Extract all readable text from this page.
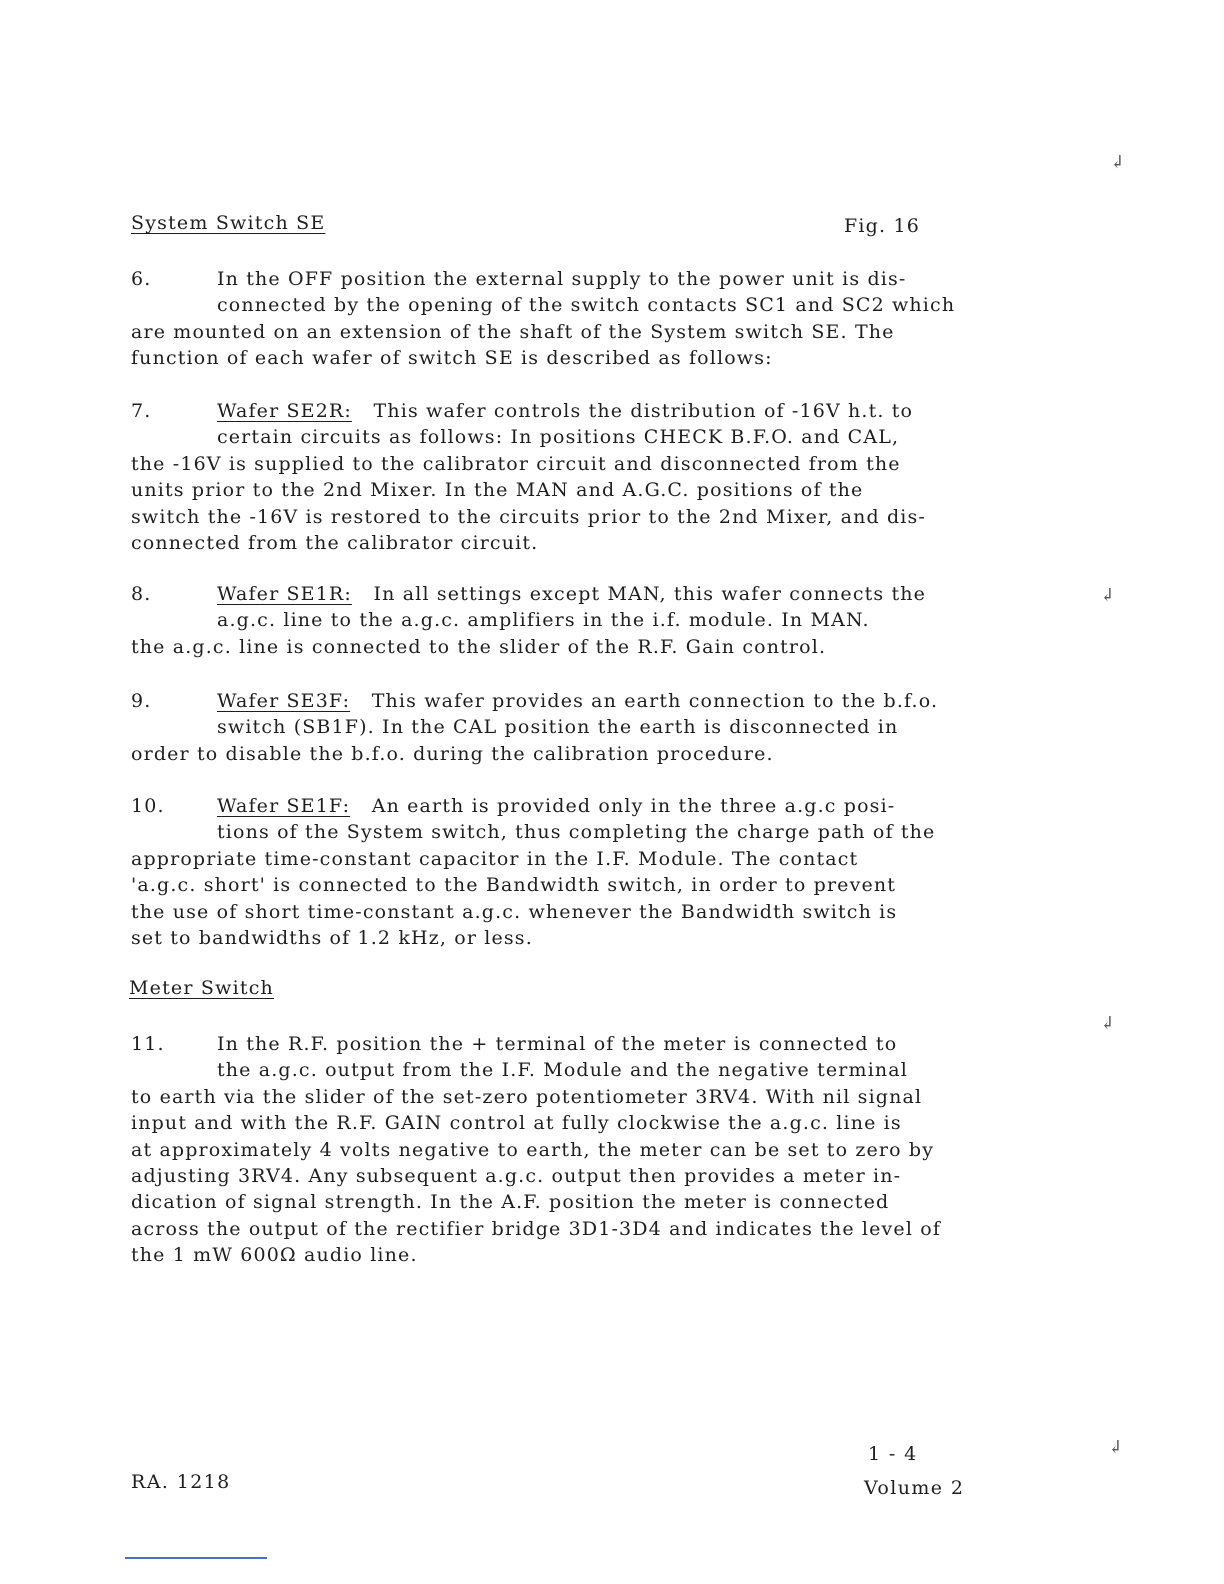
System Switch SE	Fig. 16
6.	In the OFF position the external supply to the power unit is dis-
connected by the opening of the switch contacts SC1 and SC2 which
are mounted on an extension of the shaft of the System switch SE. The
function of each wafer of switch SE is described as follows:
7.	Wafer SE2R: This wafer controls the distribution of -16V h.t. to
certain circuits as follows: In positions CHECK B.F.O. and CAL,
the -16V is supplied to the calibrator circuit and disconnected from the
units prior to the 2nd Mixer. In the MAN and A.G.C. positions of the
switch the -16V is restored to the circuits prior to the 2nd Mixer, and dis-
connected from the calibrator circuit.
8.	Wafer SE1R: In all settings except MAN, this wafer connects the
a.g.c. line to the a.g.c. amplifiers in the i.f. module. In MAN.
the a.g.c. line is connected to the slider of the R.F. Gain control.
9.	Wafer SE3F: This wafer provides an earth connection to the b.f.o.
switch (SB1F). In the CAL position the earth is disconnected in
order to disable the b.f.o. during the calibration procedure.
10.	Wafer SE1F: An earth is provided only in the three a.g.c posi-
tions of the System switch, thus completing the charge path of the
appropriate time-constant capacitor in the I.F. Module. The contact
'a.g.c. short' is connected to the Bandwidth switch, in order to prevent
the use of short time-constant a.g.c. whenever the Bandwidth switch is
set to bandwidths of 1.2 kHz, or less.
Meter Switch
11.	In the R.F. position the + terminal of the meter is connected to
the a.g.c. output from the I.F. Module and the negative terminal
to earth via the slider of the set-zero potentiometer 3RV4. With nil signal
input and with the R.F. GAIN control at fully clockwise the a.g.c. line is
at approximately 4 volts negative to earth, the meter can be set to zero by
adjusting 3RV4. Any subsequent a.g.c. output then provides a meter in-
dication of signal strength. In the A.F. position the meter is connected
across the output of the rectifier bridge 3D1-3D4 and indicates the level of
the 1 mW 600Ω audio line.
RA. 1218
1 - 4
Volume 2
↲
↲
↲
↲
